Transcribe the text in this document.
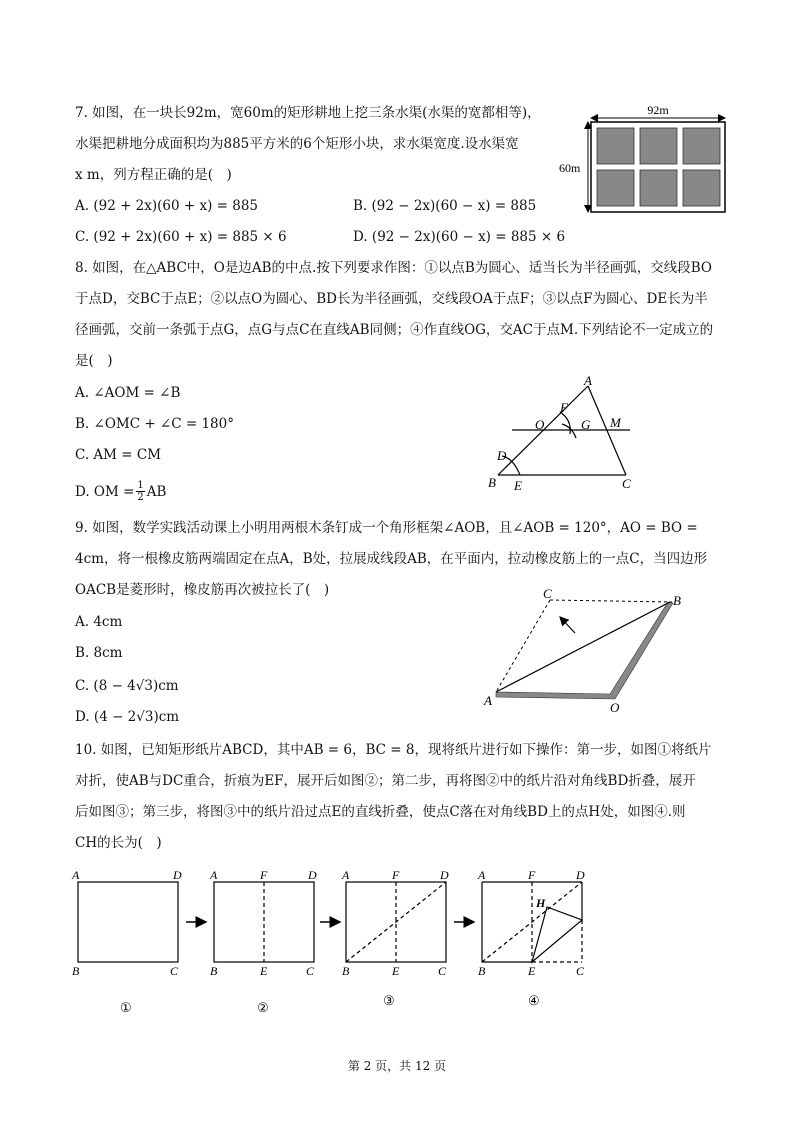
7. 如图，在一块长92m，宽60m的矩形耕地上挖三条水渠(水渠的宽都相等)，
水渠把耕地分成面积均为885平方米的6个矩形小块，求水渠宽度.设水渠宽
x m，列方程正确的是(　)
A. (92 + 2x)(60 + x) = 885	B. (92 − 2x)(60 − x) = 885
C. (92 + 2x)(60 + x) = 885 × 6	D. (92 − 2x)(60 − x) = 885 × 6
92m
60m
8. 如图，在△ABC中，O是边AB的中点.按下列要求作图：①以点B为圆心、适当长为半径画弧，交线段BO
于点D，交BC于点E；②以点O为圆心、BD长为半径画弧，交线段OA于点F；③以点F为圆心、DE长为半
径画弧，交前一条弧于点G，点G与点C在直线AB同侧；④作直线OG，交AC于点M.下列结论不一定成立的
是(　)
A. ∠AOM = ∠B
B. ∠OMC + ∠C = 180°
C. AM = CM
D. OM = $\frac{1}{2}$ AB
A
F
O	G M
D
B E	C
9. 如图，数学实践活动课上小明用两根木条钉成一个角形框架∠AOB，且∠AOB = 120°，AO = BO =
4cm，将一根橡皮筋两端固定在点A，B处，拉展成线段AB，在平面内，拉动橡皮筋上的一点C，当四边形
OACB是菱形时，橡皮筋再次被拉长了(　)
A. 4cm
B. 8cm
C. (8 − 4√3)cm
D. (4 − 2√3)cm
C	B
A	O
10. 如图，已知矩形纸片ABCD，其中AB = 6，BC = 8，现将纸片进行如下操作：第一步，如图①将纸片
对折，使AB与DC重合，折痕为EF，展开后如图②；第二步，再将图②中的纸片沿对角线BD折叠，展开
后如图③；第三步，将图③中的纸片沿过点E的直线折叠，使点C落在对角线BD上的点H处，如图④.则
CH的长为(　)
A	D
B	C
①
A	F	D
B	E	C
②
A	F	D
B	E	C
③
A	F	D
H
B	E	C
④
第 2 页，共 12 页
